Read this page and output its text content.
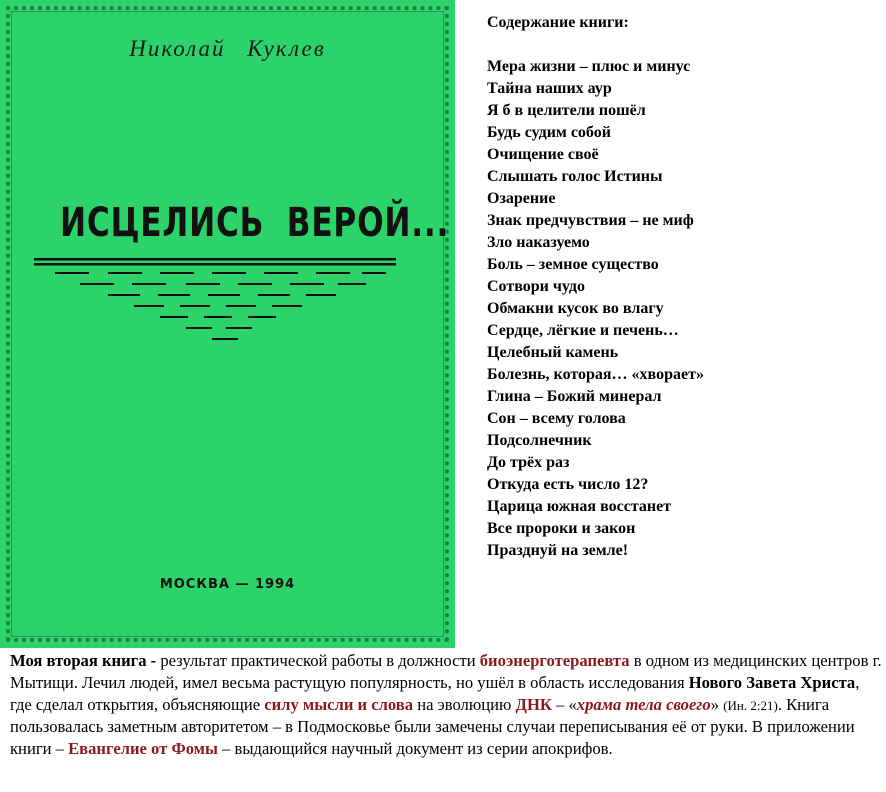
Николай Куклев
ИСЦЕЛИСЬ ВЕРОЙ...
МОСКВА — 1994
Содержание книги:
Мера жизни – плюс и минус
Тайна наших аур
Я б в целители пошёл
Будь судим собой
Очищение своё
Слышать голос Истины
Озарение
Знак предчувствия – не миф
Зло наказуемо
Боль – земное существо
Сотвори чудо
Обмакни кусок во влагу
Сердце, лёгкие и печень…
Целебный камень
Болезнь, которая… «хворает»
Глина – Божий минерал
Сон – всему голова
Подсолнечник
До трёх раз
Откуда есть число 12?
Царица южная восстанет
Все пророки и закон
Празднуй на земле!
Моя вторая книга - результат практической работы в должности биоэнерготерапевта в одном из медицинских центров г. Мытищи. Лечил людей, имел весьма растущую популярность, но ушёл в область исследования Нового Завета Христа, где сделал открытия, объясняющие силу мысли и слова на эволюцию ДНК – «храма тела своего» (Ин. 2:21). Книга пользовалась заметным авторитетом – в Подмосковье были замечены случаи переписывания её от руки. В приложении книги – Евангелие от Фомы – выдающийся научный документ из серии апокрифов.
